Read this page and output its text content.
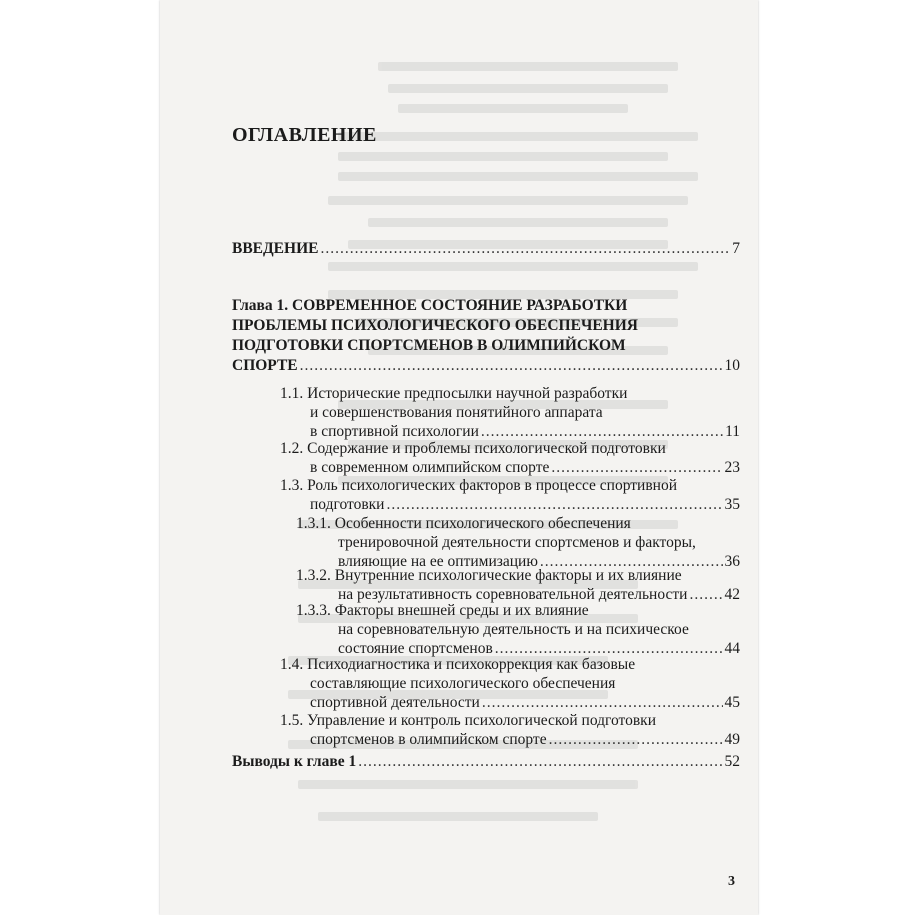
ОГЛАВЛЕНИЕ
ВВЕДЕНИЕ .....	7
Глава 1. СОВРЕМЕННОЕ СОСТОЯНИЕ РАЗРАБОТКИ
ПРОБЛЕМЫ ПСИХОЛОГИЧЕСКОГО ОБЕСПЕЧЕНИЯ
ПОДГОТОВКИ СПОРТСМЕНОВ В ОЛИМПИЙСКОМ
СПОРТЕ .....	10
1.1. Исторические предпосылки научной разработки
и совершенствования понятийного аппарата
в спортивной психологии .....	11
1.2. Содержание и проблемы психологической подготовки
в современном олимпийском спорте .....	23
1.3. Роль психологических факторов в процессе спортивной
подготовки .....	35
1.3.1. Особенности психологического обеспечения
тренировочной деятельности спортсменов и факторы,
влияющие на ее оптимизацию .....	36
1.3.2. Внутренние психологические факторы и их влияние
на результативность соревновательной деятельности ..... 42
1.3.3. Факторы внешней среды и их влияние
на соревновательную деятельность и на психическое
состояние спортсменов .....	44
1.4. Психодиагностика и психокоррекция как базовые
составляющие психологического обеспечения
спортивной деятельности .....	45
1.5. Управление и контроль психологической подготовки
спортсменов в олимпийском спорте .....	49
Выводы к главе 1 .....	52
3
